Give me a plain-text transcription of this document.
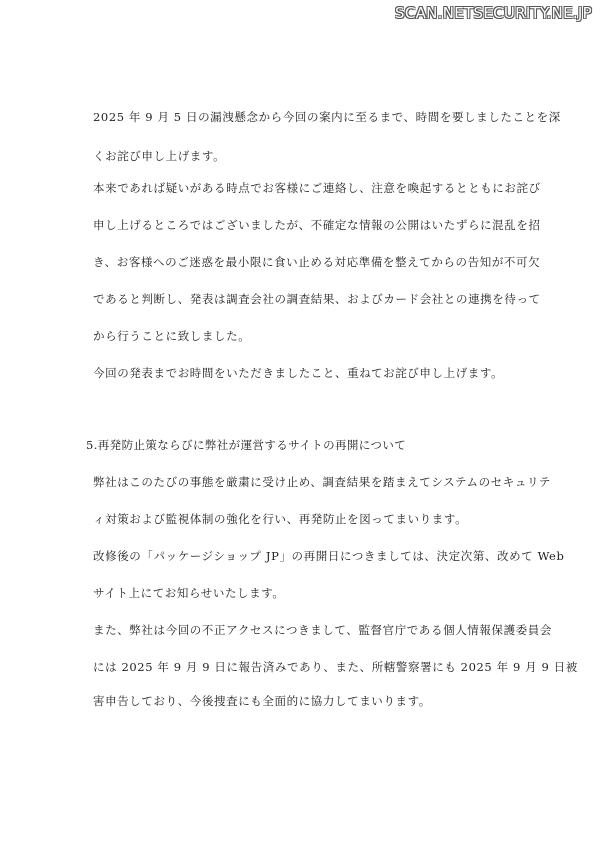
SCAN.NETSECURITY.NE.JP
2025 年 9 月 5 日の漏洩懸念から今回の案内に至るまで、時間を要しましたことを深
くお詫び申し上げます。
本来であれば疑いがある時点でお客様にご連絡し、注意を喚起するとともにお詫び
申し上げるところではございましたが、不確定な情報の公開はいたずらに混乱を招
き、お客様へのご迷惑を最小限に食い止める対応準備を整えてからの告知が不可欠
であると判断し、発表は調査会社の調査結果、およびカード会社との連携を待って
から行うことに致しました。
今回の発表までお時間をいただきましたこと、重ねてお詫び申し上げます。
5.再発防止策ならびに弊社が運営するサイトの再開について
弊社はこのたびの事態を厳粛に受け止め、調査結果を踏まえてシステムのセキュリテ
ィ対策および監視体制の強化を行い、再発防止を図ってまいります。
改修後の「パッケージショップ JP」の再開日につきましては、決定次第、改めて Web
サイト上にてお知らせいたします。
また、弊社は今回の不正アクセスにつきまして、監督官庁である個人情報保護委員会
には 2025 年 9 月 9 日に報告済みであり、また、所轄警察署にも 2025 年 9 月 9 日被
害申告しており、今後捜査にも全面的に協力してまいります。
